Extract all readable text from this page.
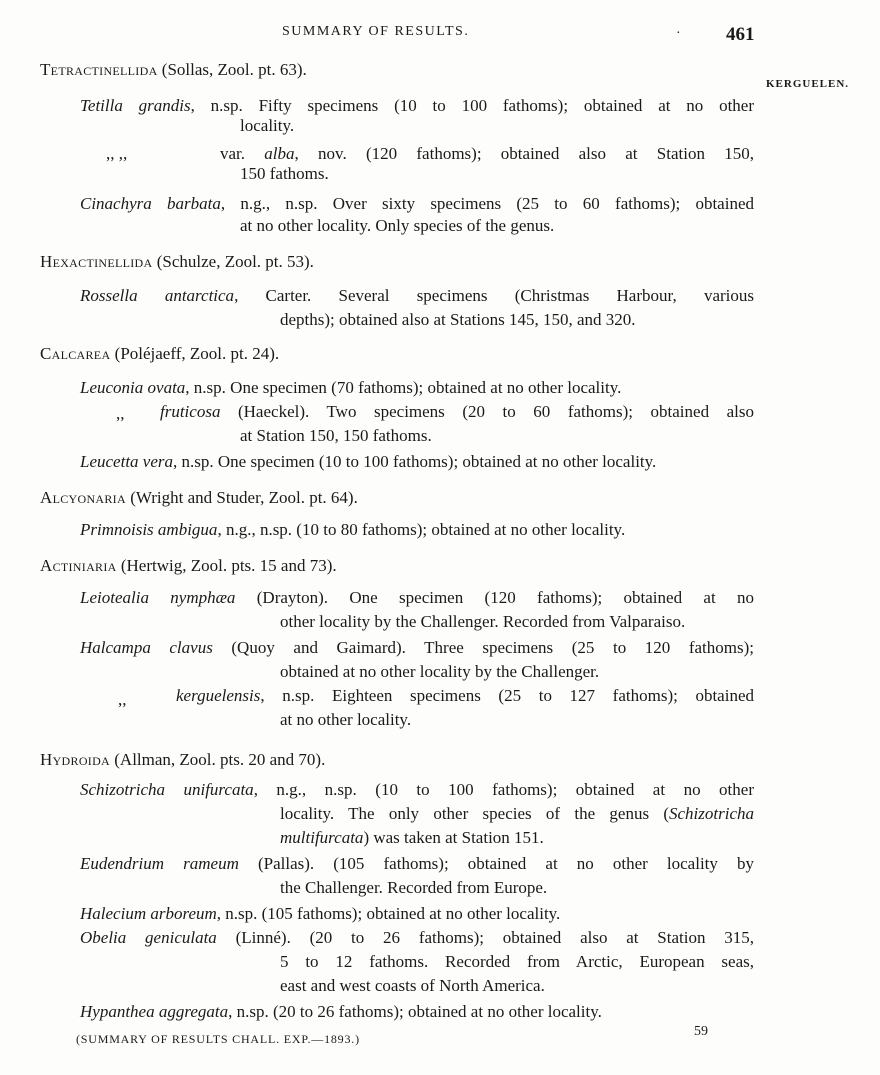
SUMMARY OF RESULTS.	· 461
KERGUELEN.
Tetractinellida (Sollas, Zool. pt. 63).
Tetilla grandis, n.sp. Fifty specimens (10 to 100 fathoms); obtained at no other
locality.
,, ,,	var. alba, nov. (120 fathoms); obtained also at Station 150,
150 fathoms.
Cinachyra barbata, n.g., n.sp. Over sixty specimens (25 to 60 fathoms); obtained
at no other locality. Only species of the genus.
Hexactinellida (Schulze, Zool. pt. 53).
Rossella antarctica, Carter. Several specimens (Christmas Harbour, various
depths); obtained also at Stations 145, 150, and 320.
Calcarea (Poléjaeff, Zool. pt. 24).
Leuconia ovata, n.sp. One specimen (70 fathoms); obtained at no other locality.
,, fruticosa (Haeckel). Two specimens (20 to 60 fathoms); obtained also
at Station 150, 150 fathoms.
Leucetta vera, n.sp. One specimen (10 to 100 fathoms); obtained at no other locality.
Alcyonaria (Wright and Studer, Zool. pt. 64).
Primnoisis ambigua, n.g., n.sp. (10 to 80 fathoms); obtained at no other locality.
Actiniaria (Hertwig, Zool. pts. 15 and 73).
Leiotealia nymphæa (Drayton). One specimen (120 fathoms); obtained at no
other locality by the Challenger. Recorded from Valparaiso.
Halcampa clavus (Quoy and Gaimard). Three specimens (25 to 120 fathoms);
obtained at no other locality by the Challenger.
,,	kerguelensis, n.sp. Eighteen specimens (25 to 127 fathoms); obtained
at no other locality.
Hydroida (Allman, Zool. pts. 20 and 70).
Schizotricha unifurcata, n.g., n.sp. (10 to 100 fathoms); obtained at no other
locality. The only other species of the genus (Schizotricha
multifurcata) was taken at Station 151.
Eudendrium rameum (Pallas). (105 fathoms); obtained at no other locality by
the Challenger. Recorded from Europe.
Halecium arboreum, n.sp. (105 fathoms); obtained at no other locality.
Obelia geniculata (Linné). (20 to 26 fathoms); obtained also at Station 315,
5 to 12 fathoms. Recorded from Arctic, European seas,
east and west coasts of North America.
Hypanthea aggregata, n.sp. (20 to 26 fathoms); obtained at no other locality.
(SUMMARY OF RESULTS CHALL. EXP.—1893.)	59
